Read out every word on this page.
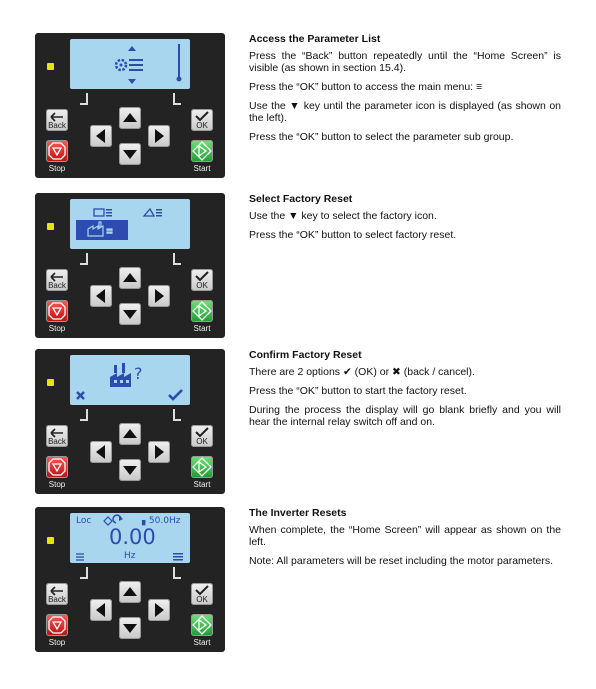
Back	OK
Stop	Start
Access the Parameter List

Press the “Back” button repeatedly until the “Home Screen” is visible (as shown in section 15.4).

Press the “OK” button to access the main menu: ≡

Use the ▼ key until the parameter icon is displayed (as shown on the left).

Press the “OK” button to select the parameter sub group.

Back	OK
Stop	Start
Select Factory Reset

Use the ▼ key to select the factory icon.

Press the “OK” button to select factory reset.

?
Back	OK
Stop	Start
Confirm Factory Reset

There are 2 options ✔ (OK) or ✖ (back / cancel).

Press the “OK” button to start the factory reset.

During the process the display will go blank brieﬂy and you will hear the internal relay switch off and on.

Loc	▖50.0Hz
0.00
Hz
Back	OK
Stop	Start
The Inverter Resets

When complete, the “Home Screen” will appear as shown on the left.

Note: All parameters will be reset including the motor parameters.
